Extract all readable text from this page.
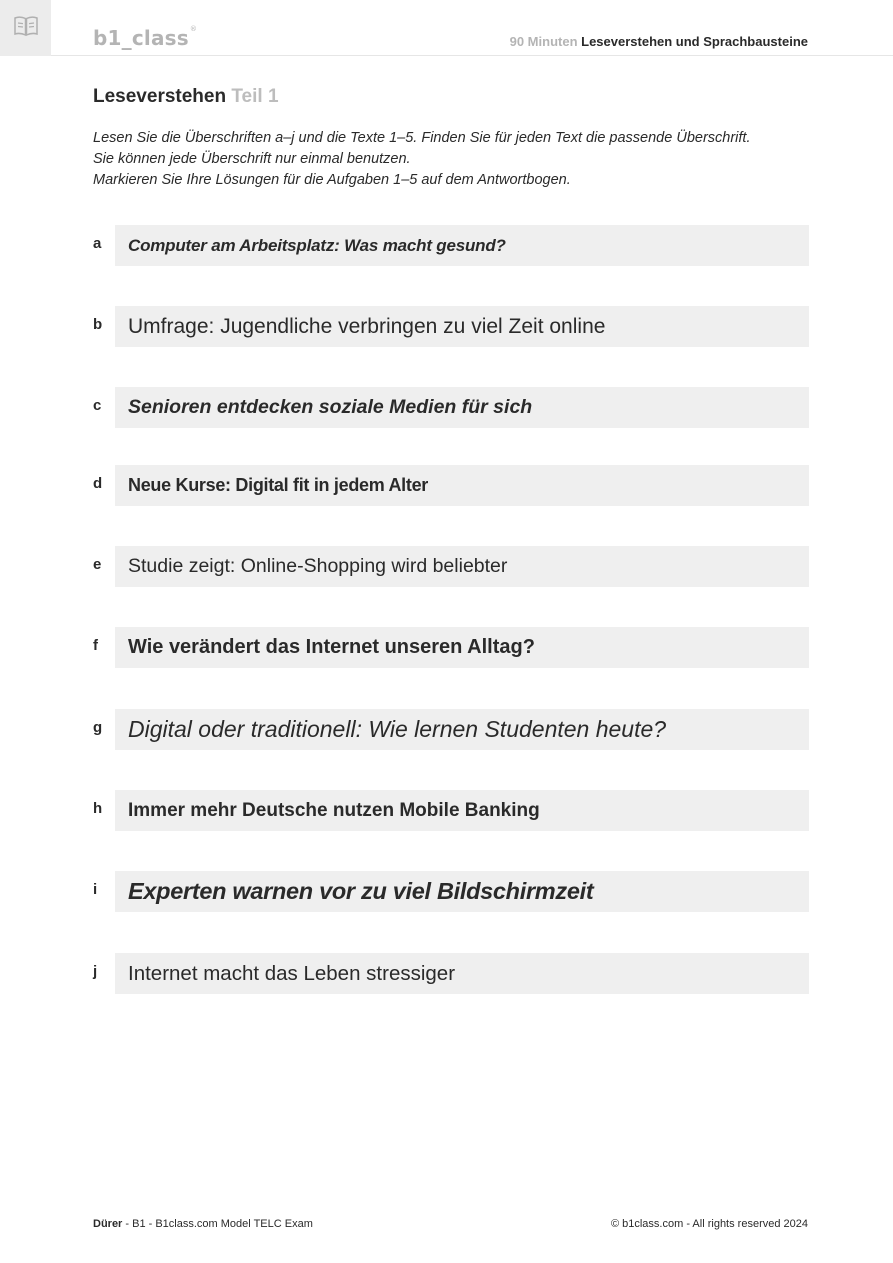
b1_class®
90 Minuten Leseverstehen und Sprachbausteine
Leseverstehen Teil 1
Lesen Sie die Überschriften a–j und die Texte 1–5. Finden Sie für jeden Text die passende Überschrift.
Sie können jede Überschrift nur einmal benutzen.
Markieren Sie Ihre Lösungen für die Aufgaben 1–5 auf dem Antwortbogen.
a Computer am Arbeitsplatz: Was macht gesund?
b Umfrage: Jugendliche verbringen zu viel Zeit online
c Senioren entdecken soziale Medien für sich
d Neue Kurse: Digital fit in jedem Alter
e Studie zeigt: Online-Shopping wird beliebter
f Wie verändert das Internet unseren Alltag?
g Digital oder traditionell: Wie lernen Studenten heute?
h Immer mehr Deutsche nutzen Mobile Banking
i Experten warnen vor zu viel Bildschirmzeit
j Internet macht das Leben stressiger
Dürer - B1 - B1class.com Model TELC Exam	© b1class.com - All rights reserved 2024
